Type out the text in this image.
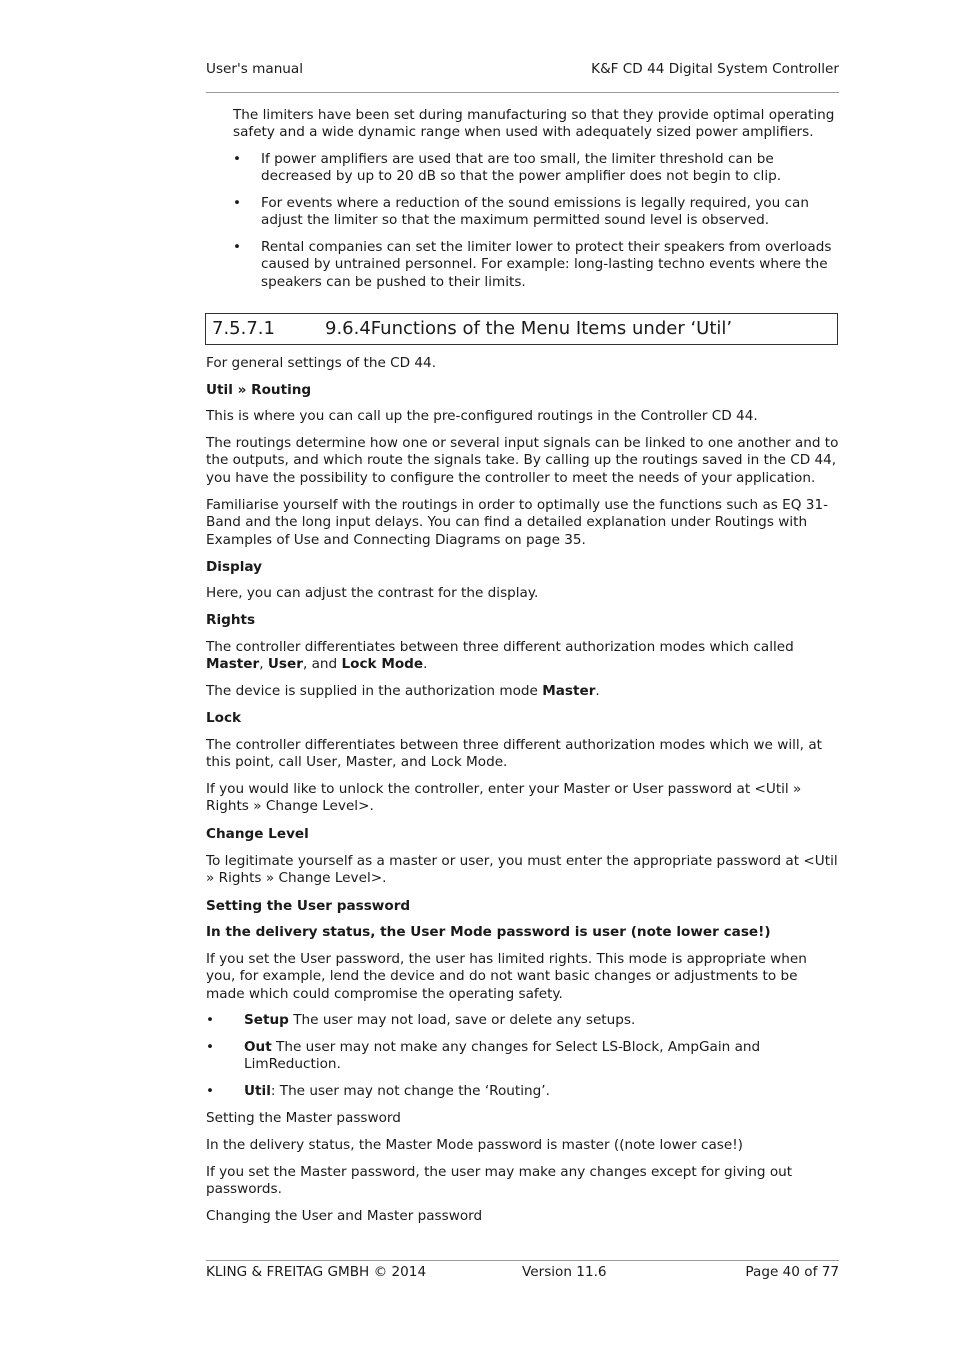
User's manual	K&F CD 44 Digital System Controller

The limiters have been set during manufacturing so that they provide optimal operating safety and a wide dynamic range when used with adequately sized power amplifiers.

• If power amplifiers are used that are too small, the limiter threshold can be decreased by up to 20 dB so that the power amplifier does not begin to clip.
• For events where a reduction of the sound emissions is legally required, you can adjust the limiter so that the maximum permitted sound level is observed.
• Rental companies can set the limiter lower to protect their speakers from overloads caused by untrained personnel. For example: long-lasting techno events where the speakers can be pushed to their limits.
7.5.7.1	9.6.4Functions of the Menu Items under ‘Util’

For general settings of the CD 44.

Util » Routing

This is where you can call up the pre-configured routings in the Controller CD 44.

The routings determine how one or several input signals can be linked to one another and to the outputs, and which route the signals take. By calling up the routings saved in the CD 44, you have the possibility to configure the controller to meet the needs of your application.

Familiarise yourself with the routings in order to optimally use the functions such as EQ 31-Band and the long input delays. You can find a detailed explanation under Routings with Examples of Use and Connecting Diagrams on page 35.

Display

Here, you can adjust the contrast for the display.

Rights

The controller differentiates between three different authorization modes which called Master, User, and Lock Mode.

The device is supplied in the authorization mode Master.

Lock

The controller differentiates between three different authorization modes which we will, at this point, call User, Master, and Lock Mode.

If you would like to unlock the controller, enter your Master or User password at <Util » Rights » Change Level>.

Change Level

To legitimate yourself as a master or user, you must enter the appropriate password at <Util » Rights » Change Level>.

Setting the User password

In the delivery status, the User Mode password is user (note lower case!)

If you set the User password, the user has limited rights. This mode is appropriate when you, for example, lend the device and do not want basic changes or adjustments to be made which could compromise the operating safety.

• Setup The user may not load, save or delete any setups.
• Out The user may not make any changes for Select LS-Block, AmpGain and LimReduction.
• Util: The user may not change the ‘Routing’.

Setting the Master password

In the delivery status, the Master Mode password is master ((note lower case!)

If you set the Master password, the user may make any changes except for giving out passwords.

Changing the User and Master password

KLING & FREITAG GMBH © 2014	Version 11.6	Page 40 of 77
